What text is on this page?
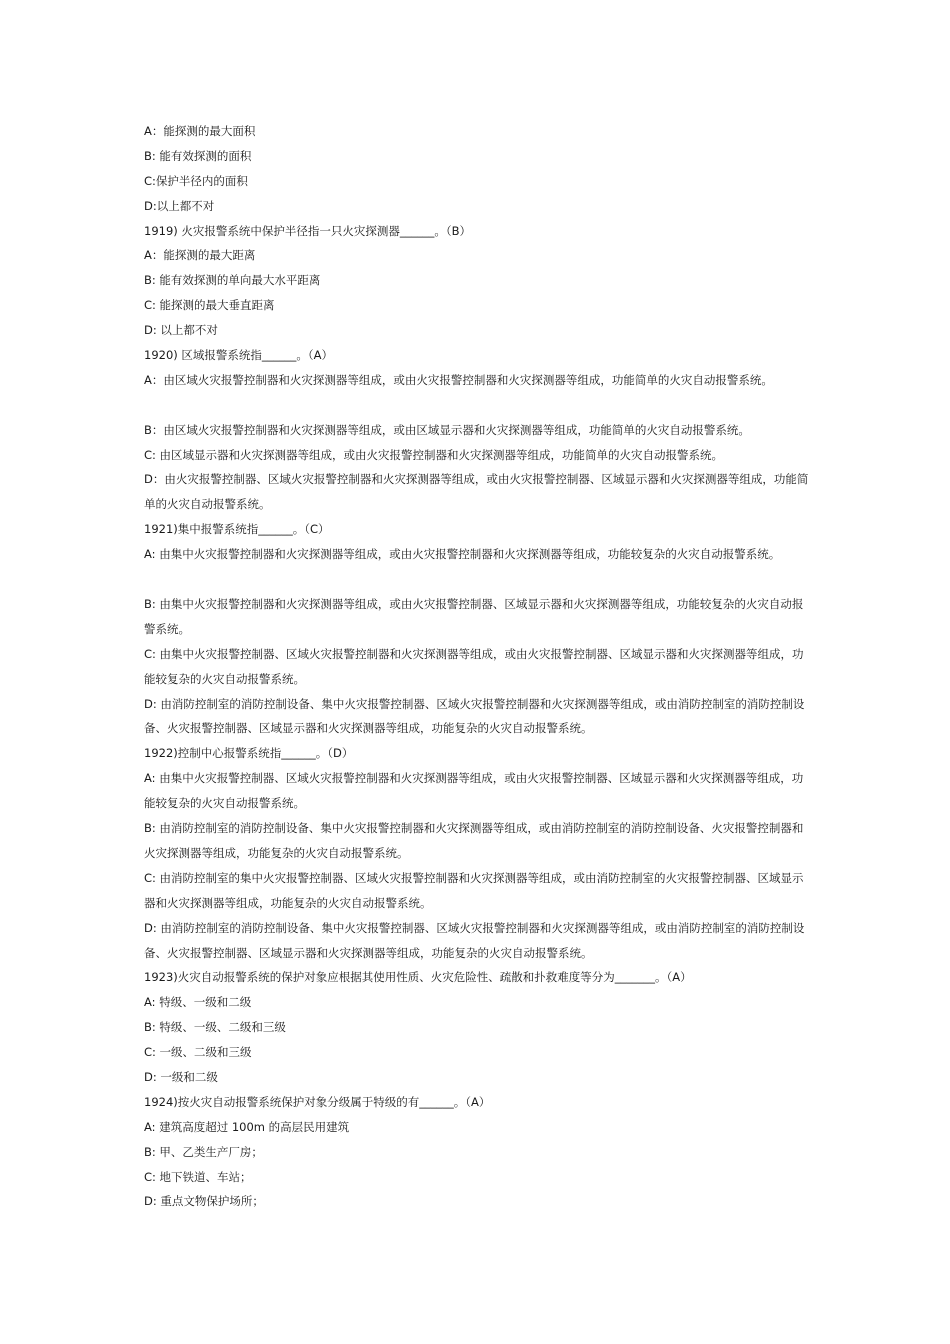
A：能探测的最大面积
B: 能有效探测的面积
C:保护半径内的面积
D:以上都不对
1919) 火灾报警系统中保护半径指一只火灾探测器______。（B）
A：能探测的最大距离
B: 能有效探测的单向最大水平距离
C: 能探测的最大垂直距离
D: 以上都不对
1920) 区域报警系统指______。（A）
A：由区域火灾报警控制器和火灾探测器等组成，或由火灾报警控制器和火灾探测器等组成，功能简单的火灾自动报警系统。
B：由区域火灾报警控制器和火灾探测器等组成，或由区域显示器和火灾探测器等组成，功能简单的火灾自动报警系统。
C: 由区域显示器和火灾探测器等组成，或由火灾报警控制器和火灾探测器等组成，功能简单的火灾自动报警系统。
D：由火灾报警控制器、区域火灾报警控制器和火灾探测器等组成，或由火灾报警控制器、区域显示器和火灾探测器等组成，功能简单的火灾自动报警系统。
1921)集中报警系统指______。（C）
A: 由集中火灾报警控制器和火灾探测器等组成，或由火灾报警控制器和火灾探测器等组成，功能较复杂的火灾自动报警系统。
B: 由集中火灾报警控制器和火灾探测器等组成，或由火灾报警控制器、区域显示器和火灾探测器等组成，功能较复杂的火灾自动报警系统。
C: 由集中火灾报警控制器、区域火灾报警控制器和火灾探测器等组成，或由火灾报警控制器、区域显示器和火灾探测器等组成，功能较复杂的火灾自动报警系统。
D: 由消防控制室的消防控制设备、集中火灾报警控制器、区域火灾报警控制器和火灾探测器等组成，或由消防控制室的消防控制设备、火灾报警控制器、区域显示器和火灾探测器等组成，功能复杂的火灾自动报警系统。
1922)控制中心报警系统指______。（D）
A: 由集中火灾报警控制器、区域火灾报警控制器和火灾探测器等组成，或由火灾报警控制器、区域显示器和火灾探测器等组成，功能较复杂的火灾自动报警系统。
B: 由消防控制室的消防控制设备、集中火灾报警控制器和火灾探测器等组成，或由消防控制室的消防控制设备、火灾报警控制器和火灾探测器等组成，功能复杂的火灾自动报警系统。
C: 由消防控制室的集中火灾报警控制器、区域火灾报警控制器和火灾探测器等组成，或由消防控制室的火灾报警控制器、区域显示器和火灾探测器等组成，功能复杂的火灾自动报警系统。
D: 由消防控制室的消防控制设备、集中火灾报警控制器、区域火灾报警控制器和火灾探测器等组成，或由消防控制室的消防控制设备、火灾报警控制器、区域显示器和火灾探测器等组成，功能复杂的火灾自动报警系统。
1923)火灾自动报警系统的保护对象应根据其使用性质、火灾危险性、疏散和扑救难度等分为_______。（A）
A: 特级、一级和二级
B: 特级、一级、二级和三级
C: 一级、二级和三级
D: 一级和二级
1924)按火灾自动报警系统保护对象分级属于特级的有______。（A）
A: 建筑高度超过 100m 的高层民用建筑
B: 甲、乙类生产厂房；
C: 地下铁道、车站；
D: 重点文物保护场所；
